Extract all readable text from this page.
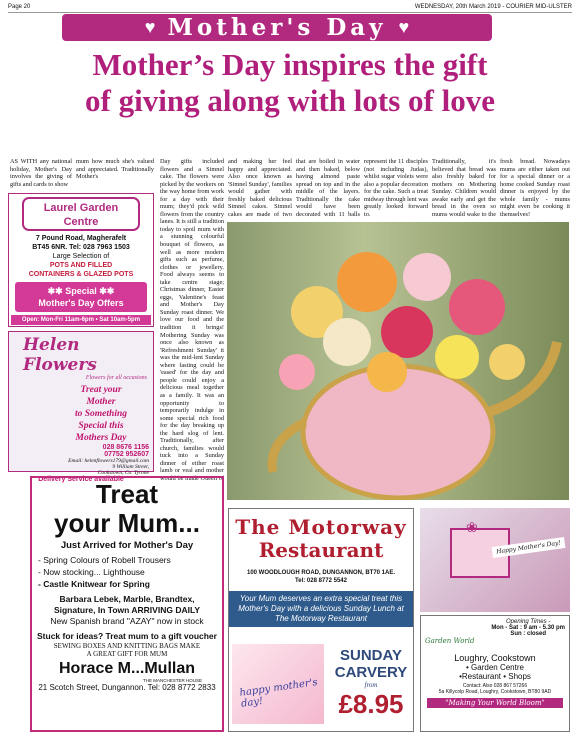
Page 20	WEDNESDAY, 20th March 2019 - COURIER MID-ULSTER
♥ Mother's Day ♥
Mother’s Day inspires the gift
of giving along with lots of love
AS WITH any national holiday, Mother's Day involves the giving of gifts and cards to show
mum how much she's valued and appreciated. Traditionally Mother's
Day gifts included flowers and a Simnel cake. The flowers were picked by the workers on the way home from work for a day with their mum; they'd pick wild flowers from the country lanes. It is still a tradition today to spoil mum with a stunning colourful bouquet of flowers, as well as more modern gifts such as perfume, clothes or jewellery. Food always seems to take centre stage; Christmas dinner, Easter eggs, Valentine's feast and Mother's Day Sunday roast dinner. We love our food and the tradition it brings! Mothering Sunday was once also known as 'Refreshment Sunday' it was the mid-lent Sunday where fasting could be 'eased' for the day and people could enjoy a delicious meal together as a family. It was an opportunity to temporarily indulge in some special rich food for the day breaking up the hard slog of lent. Traditionally, after church, families would tuck into a Sunday dinner of either roast lamb or veal and mother would be made Queen of
and making her feel happy and appreciated. Also once known as 'Simnel Sunday', families would gather with freshly baked delicious Simnel cakes. Simnel cakes are made of two
that are boiled in water and then baked, below having almond paste spread on top and in the middle of the layers. Traditionally the cake would have been decorated with 11 balls
represent the 11 disciples (not including Judas), whilst sugar violets were also a popular decoration for the cake. Such a treat midway through lent was greatly looked forward to.
Traditionally, it's believed that bread was also freshly baked for mothers on Mothering Sunday. Children would awake early and get the bread in the oven so mums would wake to the
fresh bread. Nowadays mums are either taken out for a special dinner or a home cooked Sunday roast dinner is enjoyed by the whole family - mums might even be cooking it themselves!
Laurel Garden
Centre
7 Pound Road, Magherafelt
BT45 6NR. Tel: 028 7963 1503
Large Selection of
POTS AND FILLED
CONTAINERS & GLAZED POTS
✱✱ Special ✱✱
Mother's Day Offers
Open: Mon-Fri 11am-6pm • Sat 10am-5pm
Helen Flowers
Flowers for all occasions
Treat your
Mother
to Something
Special this
Mothers Day
028 8676 1156
07752 952607
Email: helenflowers179@gmail.com
9 William Street,
Cookstown, Co. Tyrone
Delivery Service available
Treat
your Mum...
Just Arrived for Mother's Day
- Spring Colours of Robell Trousers
- Now stocking... Lighthouse
- Castle Knitwear for Spring
Barbara Lebek, Marble, Brandtex,
Signature, In Town ARRIVING DAILY
New Spanish brand "AZAY" now in stock
Stuck for ideas? Treat mum to a gift voucher
SEWING BOXES AND KNITTING BAGS MAKE
A GREAT GIFT FOR MUM
Horace M...Mullan
THE MANCHESTER HOUSE
21 Scotch Street, Dungannon. Tel: 028 8772 2833
The Motorway
Restaurant
100 WOODLOUGH ROAD, DUNGANNON, BT70 1AE.
Tel: 028 8772 5542
Your Mum deserves an extra special treat this Mother's Day with a delicious Sunday Lunch at The Motorway Restaurant
happy mother's day!
SUNDAY
CARVERY
from
£8.95
❀
Happy Mother's Day!
Garden World
Opening Times -
Mon - Sat : 9 am - 5.30 pm
Sun : closed
Loughry, Cookstown
• Garden Centre
•Restaurant • Shops
Contact: Also 028 867 57266
5a Killycolp Road, Loughry, Cookstown, BT80 9AD
"Making Your World Bloom"
